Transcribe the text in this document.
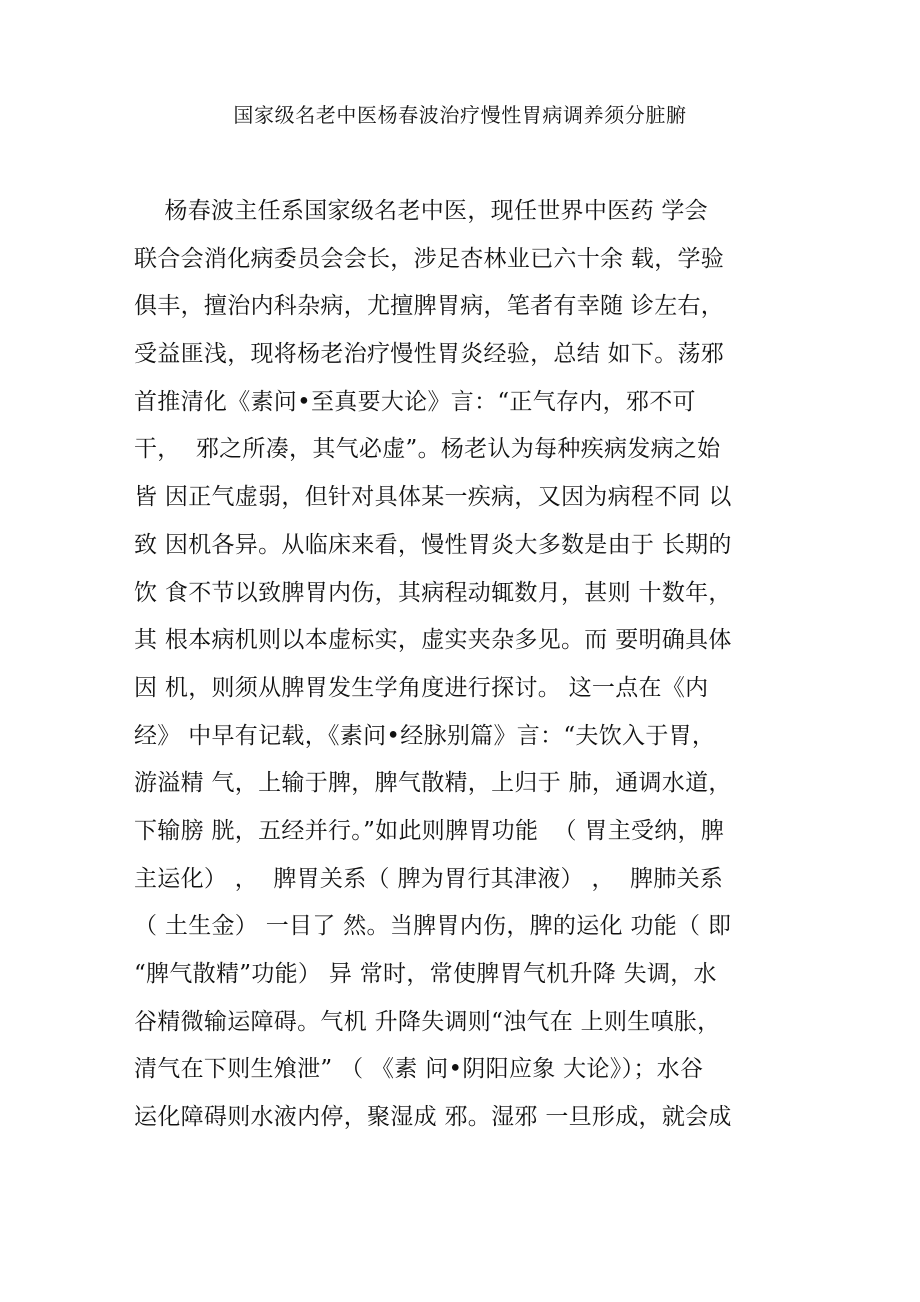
国家级名老中医杨春波治疗慢性胃病调养须分脏腑
杨春波主任系国家级名老中医，现任世界中医药 学会
联合会消化病委员会会长，涉足杏林业已六十余 载，学验
俱丰，擅治内科杂病，尤擅脾胃病，笔者有幸随 诊左右，
受益匪浅，现将杨老治疗慢性胃炎经验，总结 如下。荡邪
首推清化《素问•至真要大论》言：“正气存内，邪不可
干，  邪之所凑，其气必虚”。杨老认为每种疾病发病之始
皆 因正气虚弱，但针对具体某一疾病，又因为病程不同 以
致 因机各异。从临床来看，慢性胃炎大多数是由于 长期的
饮 食不节以致脾胃内伤，其病程动辄数月，甚则 十数年，
其 根本病机则以本虚标实，虚实夹杂多见。而 要明确具体
因 机，则须从脾胃发生学角度进行探讨。 这一点在《内
经》 中早有记载，《素问•经脉别篇》言：“夫饮入于胃，
游溢精 气，上输于脾，脾气散精，上归于 肺，通调水道，
下输膀 胱，五经并行。”如此则脾胃功能  （ 胃主受纳，脾
主运化） ，  脾胃关系（ 脾为胃行其津液） ，  脾肺关系
（ 土生金） 一目了 然。当脾胃内伤，脾的运化 功能（ 即
“脾气散精”功能） 异 常时，常使脾胃气机升降 失调，水
谷精微输运障碍。气机 升降失调则“浊气在 上则生嗔胀，
清气在下则生飧泄” （ 《素 问•阴阳应象 大论》）；水谷
运化障碍则水液内停，聚湿成 邪。湿邪 一旦形成，就会成
